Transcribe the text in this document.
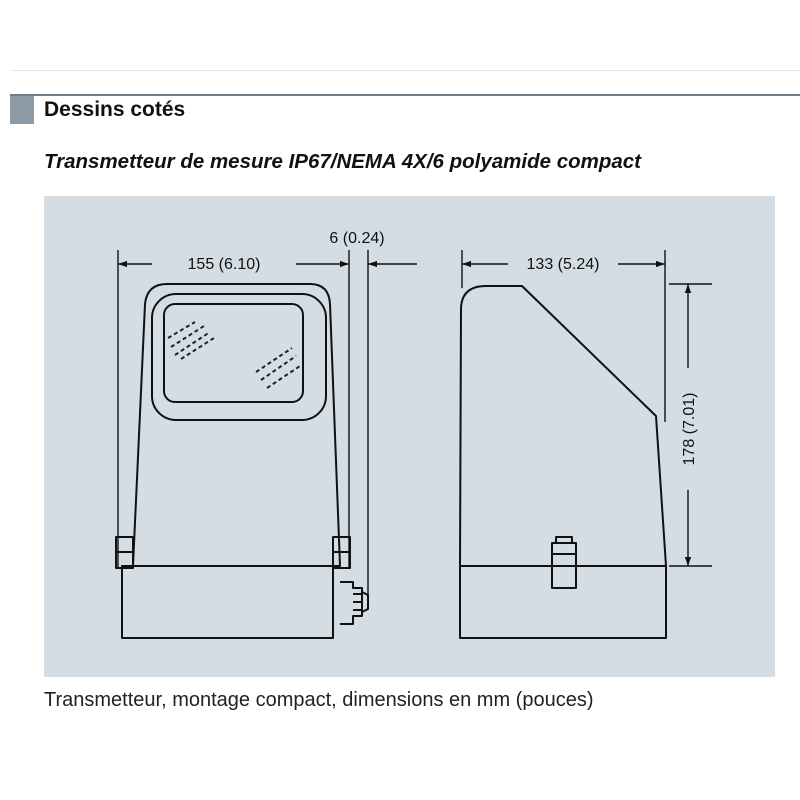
Dessins cotés
Transmetteur de mesure IP67/NEMA 4X/6 polyamide compact
155 (6.10)
6 (0.24)
133 (5.24)
178 (7.01)
Transmetteur, montage compact, dimensions en mm (pouces)
